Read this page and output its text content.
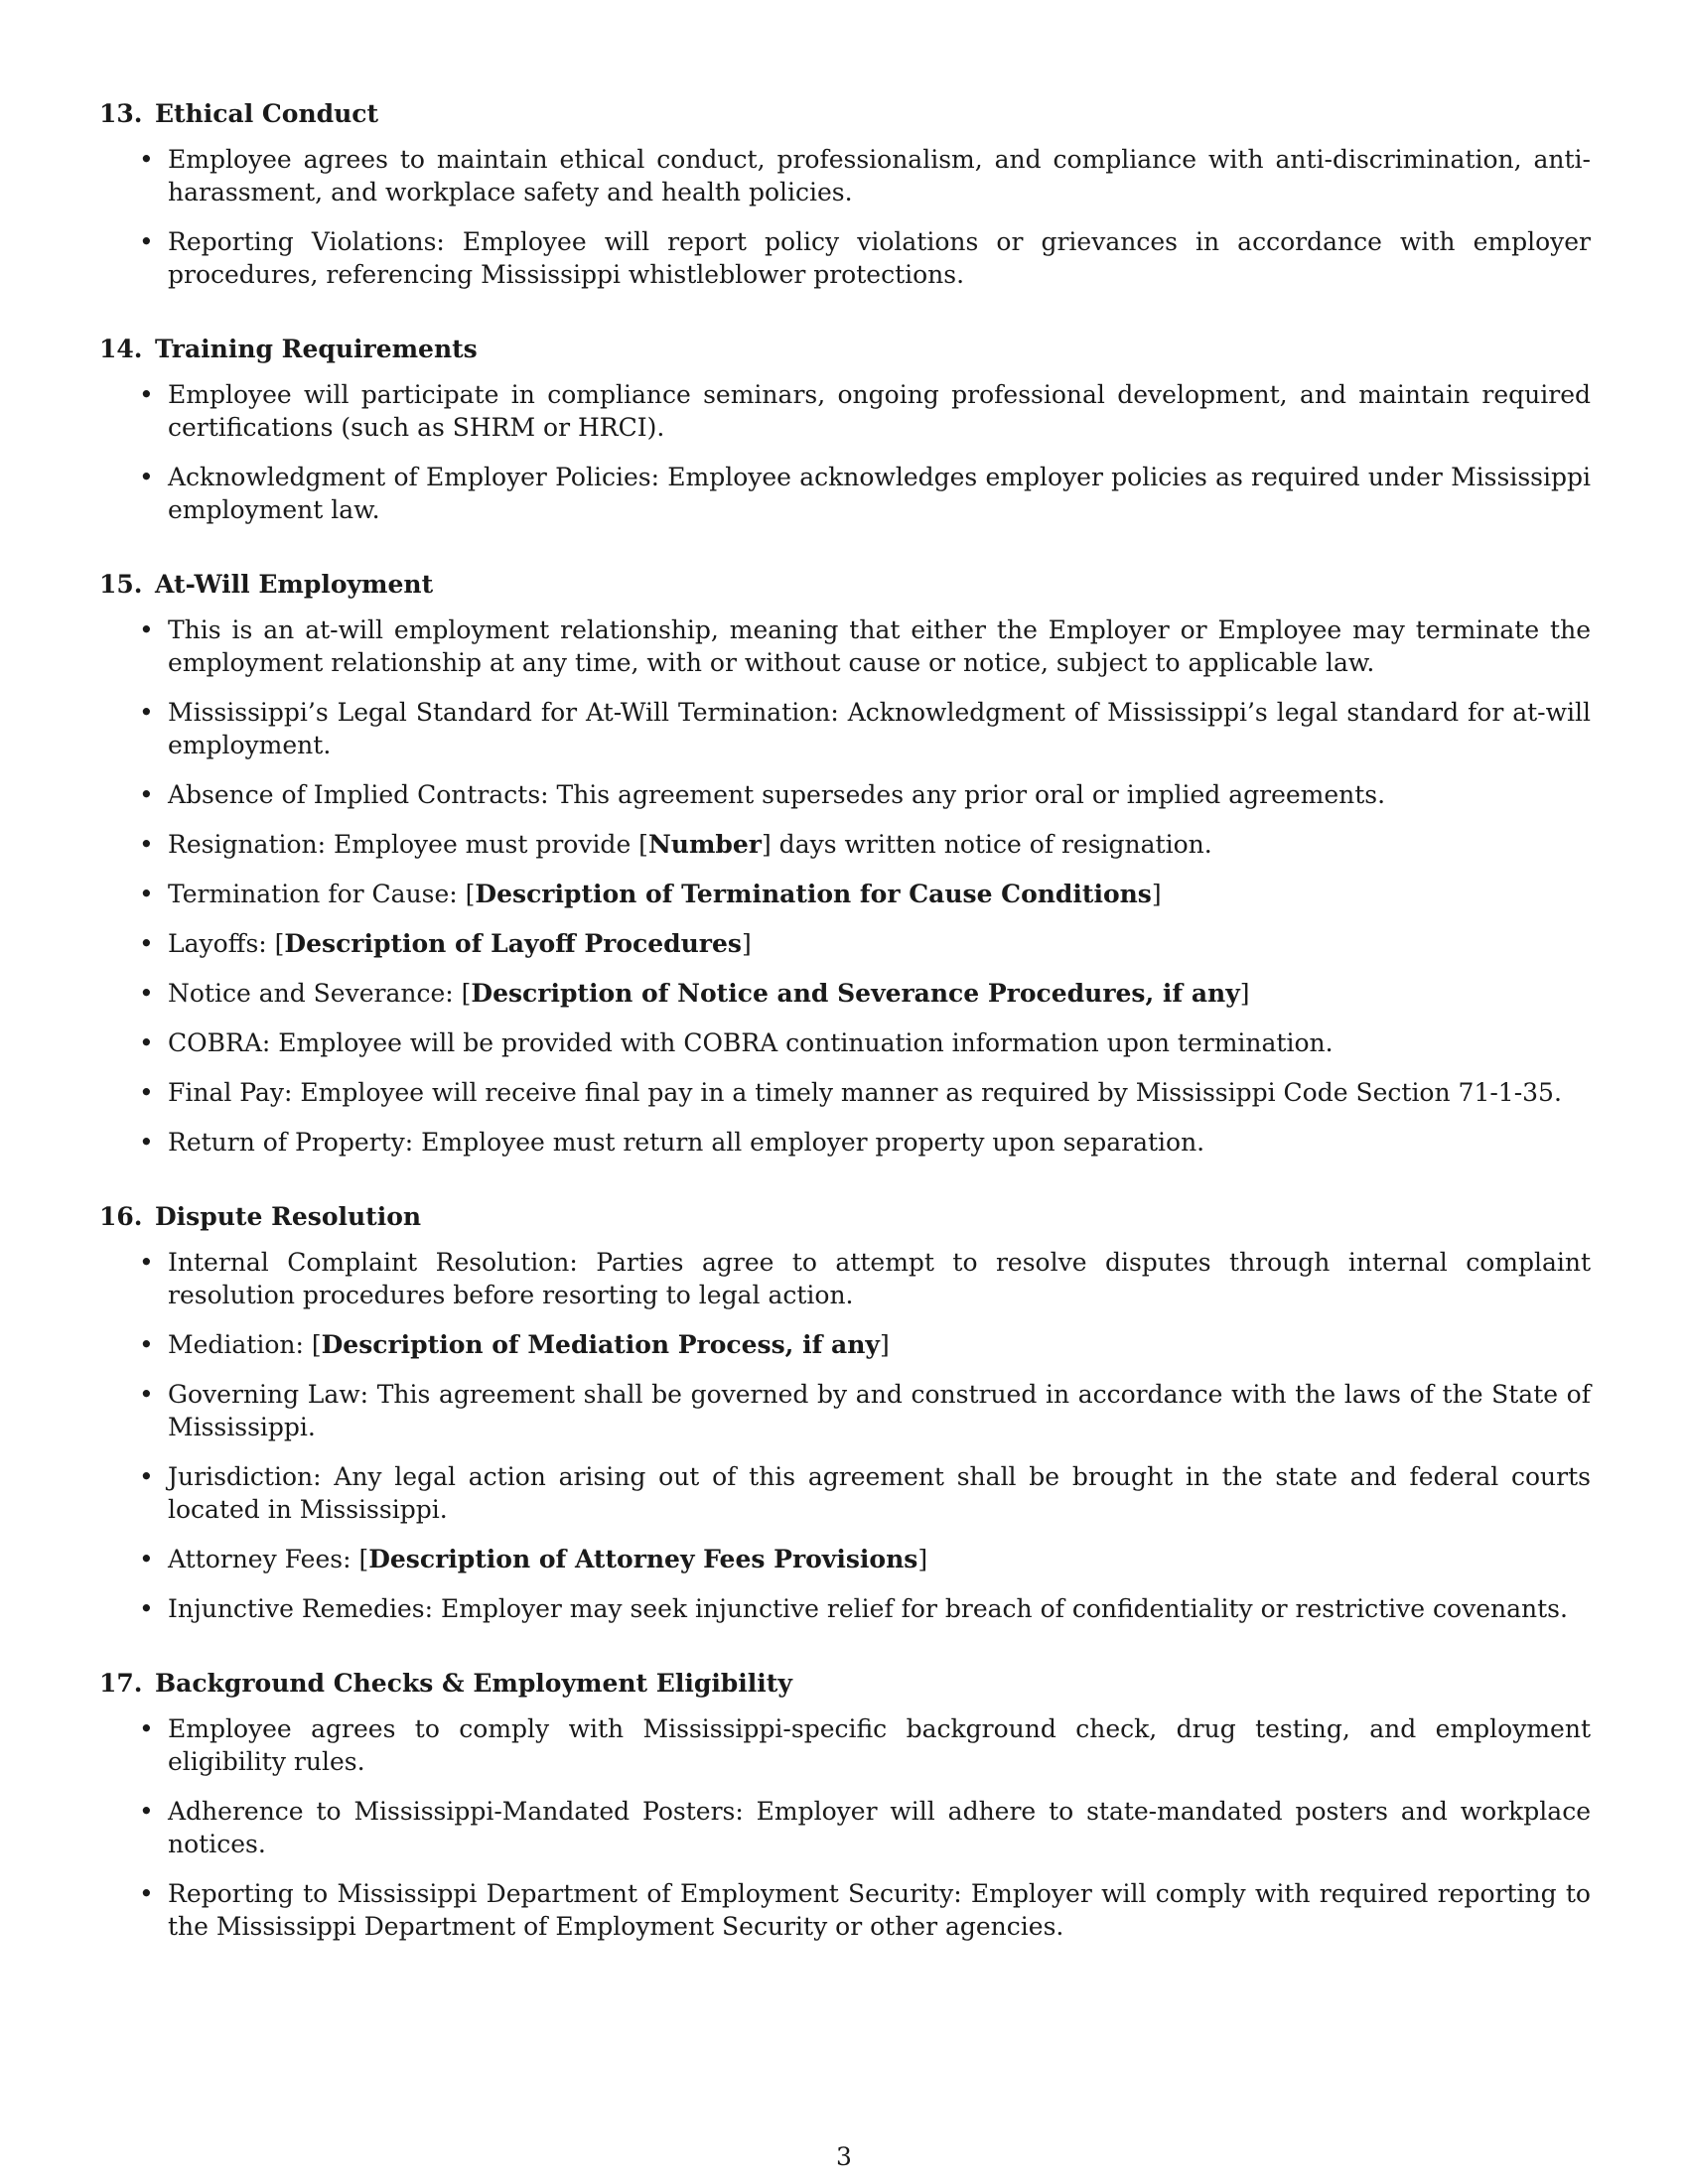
13. Ethical Conduct
• Employee agrees to maintain ethical conduct, professionalism, and compliance with anti-discrimination, anti-harassment, and workplace safety and health policies.
• Reporting Violations: Employee will report policy violations or grievances in accordance with employer procedures, referencing Mississippi whistleblower protections.
14. Training Requirements
• Employee will participate in compliance seminars, ongoing professional development, and maintain required certifications (such as SHRM or HRCI).
• Acknowledgment of Employer Policies: Employee acknowledges employer policies as required under Mississippi employment law.
15. At-Will Employment
• This is an at-will employment relationship, meaning that either the Employer or Employee may terminate the employment relationship at any time, with or without cause or notice, subject to applicable law.
• Mississippi’s Legal Standard for At-Will Termination: Acknowledgment of Mississippi’s legal standard for at-will employment.
• Absence of Implied Contracts: This agreement supersedes any prior oral or implied agreements.
• Resignation: Employee must provide [Number] days written notice of resignation.
• Termination for Cause: [Description of Termination for Cause Conditions]
• Layoffs: [Description of Layoff Procedures]
• Notice and Severance: [Description of Notice and Severance Procedures, if any]
• COBRA: Employee will be provided with COBRA continuation information upon termination.
• Final Pay: Employee will receive final pay in a timely manner as required by Mississippi Code Section 71-1-35.
• Return of Property: Employee must return all employer property upon separation.
16. Dispute Resolution
• Internal Complaint Resolution: Parties agree to attempt to resolve disputes through internal complaint resolution procedures before resorting to legal action.
• Mediation: [Description of Mediation Process, if any]
• Governing Law: This agreement shall be governed by and construed in accordance with the laws of the State of Mississippi.
• Jurisdiction: Any legal action arising out of this agreement shall be brought in the state and federal courts located in Mississippi.
• Attorney Fees: [Description of Attorney Fees Provisions]
• Injunctive Remedies: Employer may seek injunctive relief for breach of confidentiality or restrictive covenants.
17. Background Checks & Employment Eligibility
• Employee agrees to comply with Mississippi-specific background check, drug testing, and employment eligibility rules.
• Adherence to Mississippi-Mandated Posters: Employer will adhere to state-mandated posters and workplace notices.
• Reporting to Mississippi Department of Employment Security: Employer will comply with required reporting to the Mississippi Department of Employment Security or other agencies.
3
